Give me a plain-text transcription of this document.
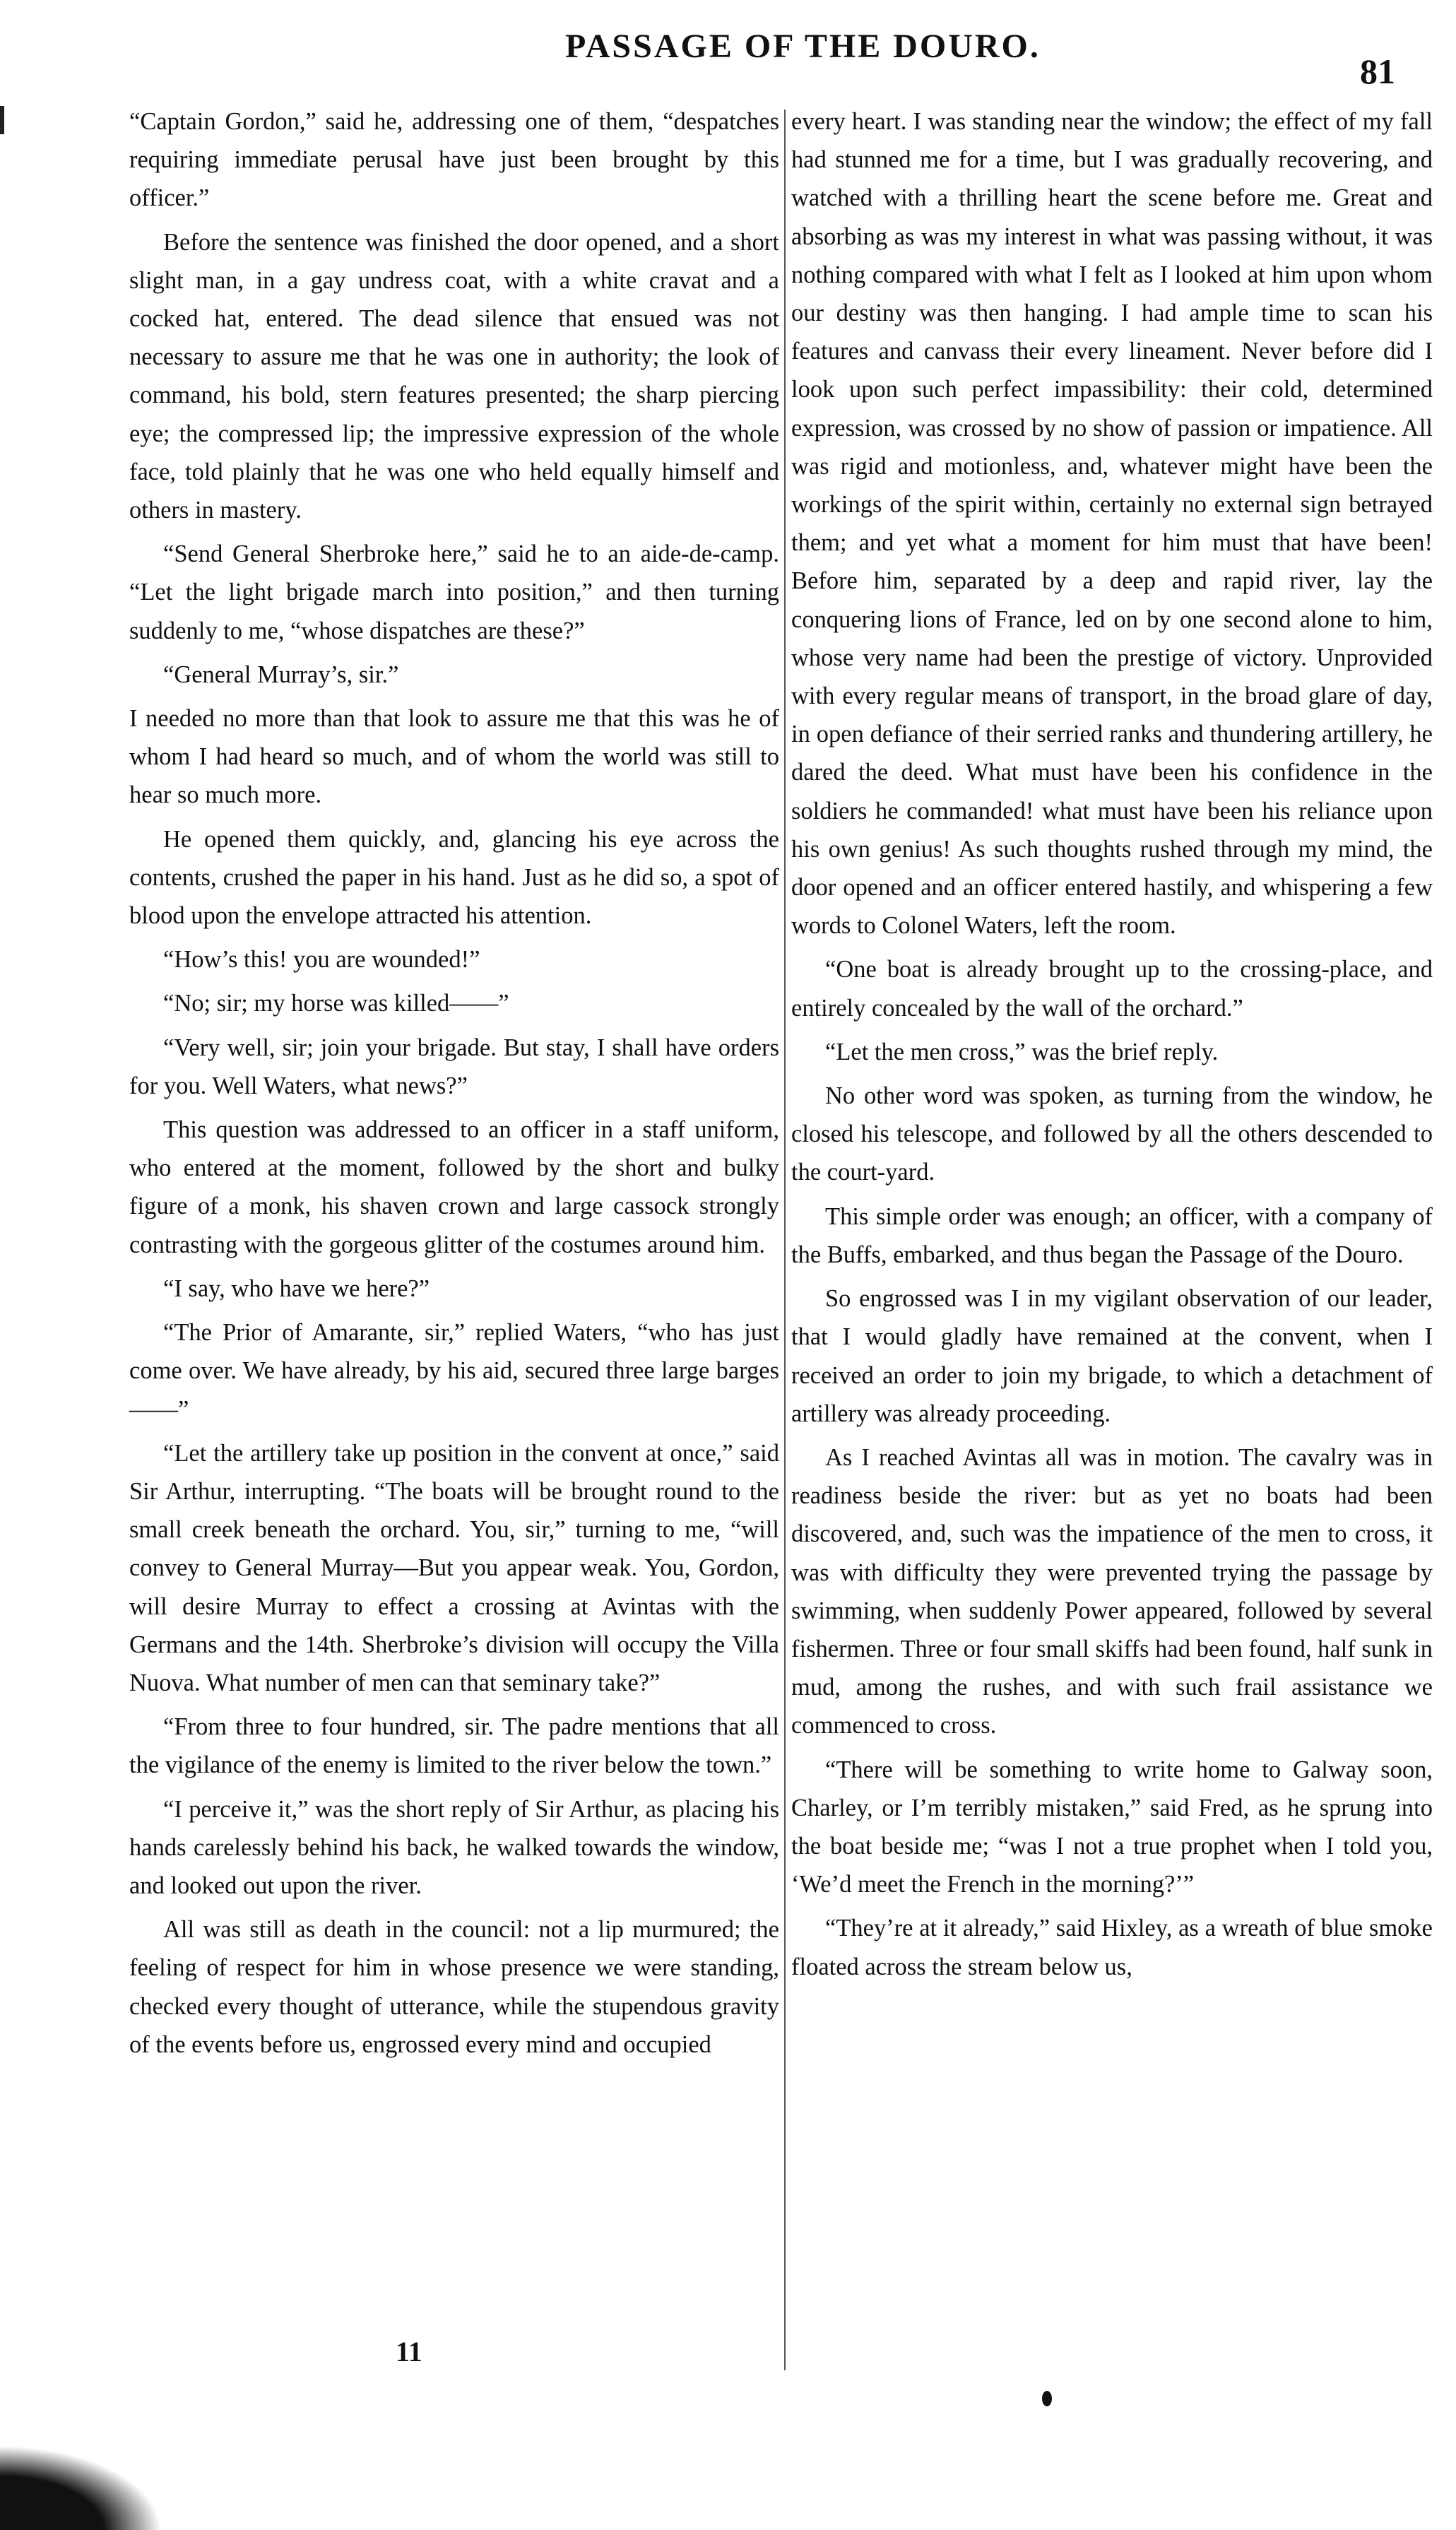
PASSAGE OF THE DOURO.
81

“Captain Gordon,” said he, addressing one of them, “despatches requiring immediate perusal have just been brought by this officer.”

Before the sentence was finished the door opened, and a short slight man, in a gay undress coat, with a white cravat and a cocked hat, entered. The dead silence that ensued was not necessary to assure me that he was one in authority; the look of command, his bold, stern features presented; the sharp piercing eye; the compressed lip; the impressive expression of the whole face, told plainly that he was one who held equally himself and others in mastery.

“Send General Sherbroke here,” said he to an aide-de-camp. “Let the light brigade march into position,” and then turning suddenly to me, “whose dispatches are these?”

“General Murray’s, sir.”

I needed no more than that look to assure me that this was he of whom I had heard so much, and of whom the world was still to hear so much more.

He opened them quickly, and, glancing his eye across the contents, crushed the paper in his hand. Just as he did so, a spot of blood upon the envelope attracted his attention.

“How’s this! you are wounded!”

“No; sir; my horse was killed——”

“Very well, sir; join your brigade. But stay, I shall have orders for you. Well Waters, what news?”

This question was addressed to an officer in a staff uniform, who entered at the moment, followed by the short and bulky figure of a monk, his shaven crown and large cassock strongly contrasting with the gorgeous glitter of the costumes around him.

“I say, who have we here?”

“The Prior of Amarante, sir,” replied Waters, “who has just come over. We have already, by his aid, secured three large barges——”

“Let the artillery take up position in the convent at once,” said Sir Arthur, interrupting. “The boats will be brought round to the small creek beneath the orchard. You, sir,” turning to me, “will convey to General Murray—But you appear weak. You, Gordon, will desire Murray to effect a crossing at Avintas with the Germans and the 14th. Sherbroke’s division will occupy the Villa Nuova. What number of men can that seminary take?”

“From three to four hundred, sir. The padre mentions that all the vigilance of the enemy is limited to the river below the town.”

“I perceive it,” was the short reply of Sir Arthur, as placing his hands carelessly behind his back, he walked towards the window, and looked out upon the river.

All was still as death in the council: not a lip murmured; the feeling of respect for him in whose presence we were standing, checked every thought of utterance, while the stupendous gravity of the events before us, engrossed every mind and occupied

every heart. I was standing near the window; the effect of my fall had stunned me for a time, but I was gradually recovering, and watched with a thrilling heart the scene before me. Great and absorbing as was my interest in what was passing without, it was nothing compared with what I felt as I looked at him upon whom our destiny was then hanging. I had ample time to scan his features and canvass their every lineament. Never before did I look upon such perfect impassibility: their cold, determined expression, was crossed by no show of passion or impatience. All was rigid and motionless, and, whatever might have been the workings of the spirit within, certainly no external sign betrayed them; and yet what a moment for him must that have been! Before him, separated by a deep and rapid river, lay the conquering lions of France, led on by one second alone to him, whose very name had been the prestige of victory. Unprovided with every regular means of transport, in the broad glare of day, in open defiance of their serried ranks and thundering artillery, he dared the deed. What must have been his confidence in the soldiers he commanded! what must have been his reliance upon his own genius! As such thoughts rushed through my mind, the door opened and an officer entered hastily, and whispering a few words to Colonel Waters, left the room.

“One boat is already brought up to the crossing-place, and entirely concealed by the wall of the orchard.”

“Let the men cross,” was the brief reply.

No other word was spoken, as turning from the window, he closed his telescope, and followed by all the others descended to the court-yard.

This simple order was enough; an officer, with a company of the Buffs, embarked, and thus began the Passage of the Douro.

So engrossed was I in my vigilant observation of our leader, that I would gladly have remained at the convent, when I received an order to join my brigade, to which a detachment of artillery was already proceeding.

As I reached Avintas all was in motion. The cavalry was in readiness beside the river: but as yet no boats had been discovered, and, such was the impatience of the men to cross, it was with difficulty they were prevented trying the passage by swimming, when suddenly Power appeared, followed by several fishermen. Three or four small skiffs had been found, half sunk in mud, among the rushes, and with such frail assistance we commenced to cross.

“There will be something to write home to Galway soon, Charley, or I’m terribly mistaken,” said Fred, as he sprung into the boat beside me; “was I not a true prophet when I told you, ‘We’d meet the French in the morning?’”

“They’re at it already,” said Hixley, as a wreath of blue smoke floated across the stream below us,

11
